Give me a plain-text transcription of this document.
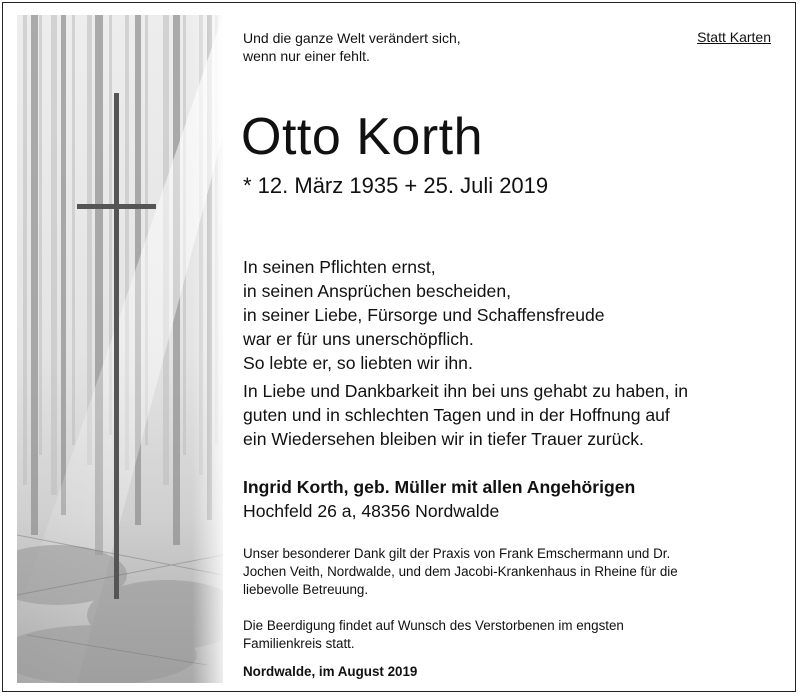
Und die ganze Welt verändert sich,
wenn nur einer fehlt.
Statt Karten
Otto Korth
* 12. März 1935 + 25. Juli 2019
In seinen Pflichten ernst,
in seinen Ansprüchen bescheiden,
in seiner Liebe, Fürsorge und Schaffensfreude
war er für uns unerschöpflich.
So lebte er, so liebten wir ihn.
In Liebe und Dankbarkeit ihn bei uns gehabt zu haben, in
guten und in schlechten Tagen und in der Hoffnung auf
ein Wiedersehen bleiben wir in tiefer Trauer zurück.
Ingrid Korth, geb. Müller mit allen Angehörigen
Hochfeld 26 a, 48356 Nordwalde
Unser besonderer Dank gilt der Praxis von Frank Emschermann und Dr.
Jochen Veith, Nordwalde, und dem Jacobi-Krankenhaus in Rheine für die
liebevolle Betreuung.
Die Beerdigung findet auf Wunsch des Verstorbenen im engsten
Familienkreis statt.
Nordwalde, im August 2019
